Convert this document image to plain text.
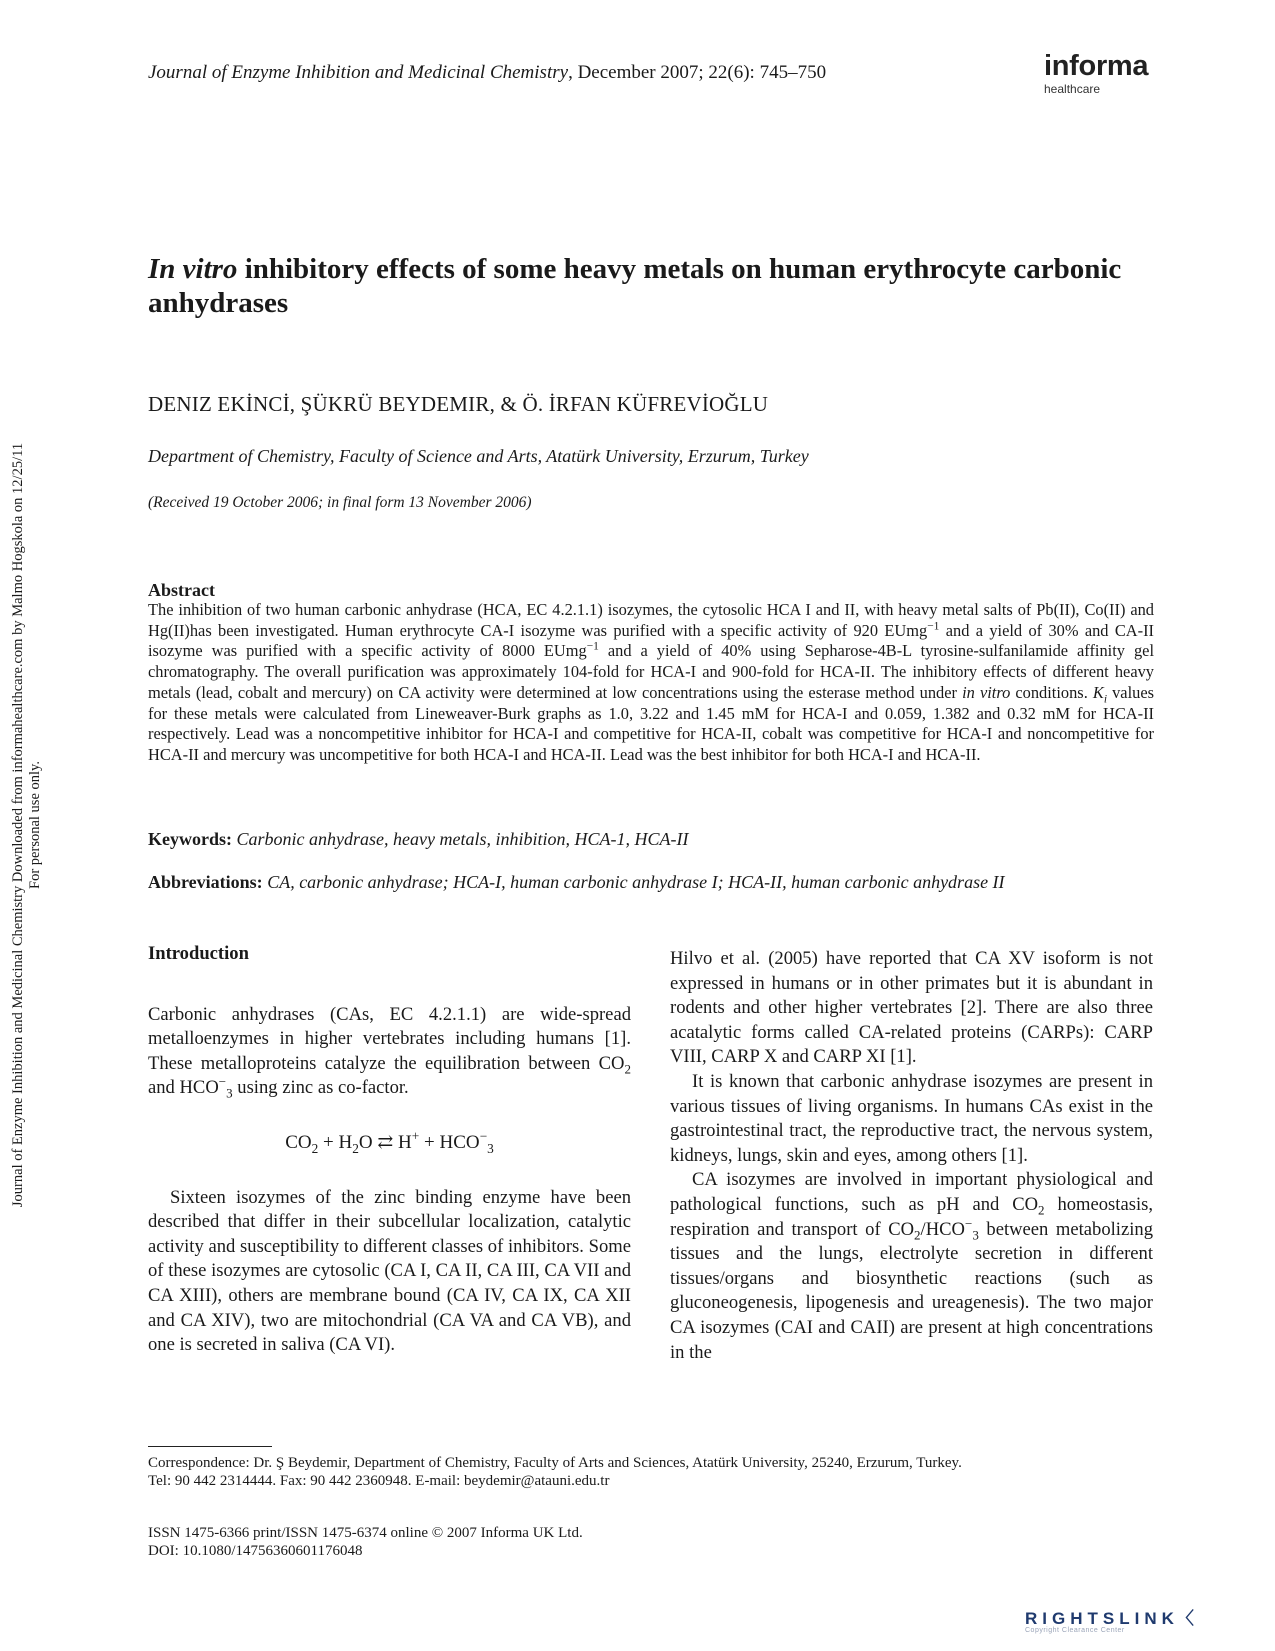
Journal of Enzyme Inhibition and Medicinal Chemistry, December 2007; 22(6): 745–750	informa
healthcare
Journal of Enzyme Inhibition and Medicinal Chemistry Downloaded from informahealthcare.com by Malmo Hogskola on 12/25/11 For personal use only.
In vitro inhibitory effects of some heavy metals on human erythrocyte carbonic anhydrases
DENIZ EKİNCİ, ŞÜKRÜ BEYDEMIR, & Ö. İRFAN KÜFREVİOĞLU
Department of Chemistry, Faculty of Science and Arts, Atatürk University, Erzurum, Turkey
(Received 19 October 2006; in final form 13 November 2006)
Abstract
The inhibition of two human carbonic anhydrase (HCA, EC 4.2.1.1) isozymes, the cytosolic HCA I and II, with heavy metal salts of Pb(II), Co(II) and Hg(II)has been investigated. Human erythrocyte CA-I isozyme was purified with a specific activity of 920 EUmg$^{-1}$ and a yield of 30% and CA-II isozyme was purified with a specific activity of 8000 EUmg$^{-1}$ and a yield of 40% using Sepharose-4B-L tyrosine-sulfanilamide affinity gel chromatography. The overall purification was approximately 104-fold for HCA-I and 900-fold for HCA-II. The inhibitory effects of different heavy metals (lead, cobalt and mercury) on CA activity were determined at low concentrations using the esterase method under in vitro conditions. $K_i$ values for these metals were calculated from Lineweaver-Burk graphs as 1.0, 3.22 and 1.45 mM for HCA-I and 0.059, 1.382 and 0.32 mM for HCA-II respectively. Lead was a noncompetitive inhibitor for HCA-I and competitive for HCA-II, cobalt was competitive for HCA-I and noncompetitive for HCA-II and mercury was uncompetitive for both HCA-I and HCA-II. Lead was the best inhibitor for both HCA-I and HCA-II.
Keywords: Carbonic anhydrase, heavy metals, inhibition, HCA-1, HCA-II
Abbreviations: CA, carbonic anhydrase; HCA-I, human carbonic anhydrase I; HCA-II, human carbonic anhydrase II

Introduction

Carbonic anhydrases (CAs, EC 4.2.1.1) are wide-spread metalloenzymes in higher vertebrates including humans [1]. These metalloproteins catalyze the equilibration between $CO_2$ and $HCO^-_3$ using zinc as co-factor.

$CO_2 + H_2O$ ⇄ $H^+ + HCO^-_3$

Sixteen isozymes of the zinc binding enzyme have been described that differ in their subcellular localization, catalytic activity and susceptibility to different classes of inhibitors. Some of these isozymes are cytosolic (CA I, CA II, CA III, CA VII and CA XIII), others are membrane bound (CA IV, CA IX, CA XII and CA XIV), two are mitochondrial (CA VA and CA VB), and one is secreted in saliva (CA VI).

Hilvo et al. (2005) have reported that CA XV isoform is not expressed in humans or in other primates but it is abundant in rodents and other higher vertebrates [2]. There are also three acatalytic forms called CA-related proteins (CARPs): CARP VIII, CARP X and CARP XI [1].

It is known that carbonic anhydrase isozymes are present in various tissues of living organisms. In humans CAs exist in the gastrointestinal tract, the reproductive tract, the nervous system, kidneys, lungs, skin and eyes, among others [1].

CA isozymes are involved in important physiological and pathological functions, such as pH and $CO_2$ homeostasis, respiration and transport of $CO_2/HCO^-_3$ between metabolizing tissues and the lungs, electrolyte secretion in different tissues/organs and biosynthetic reactions (such as gluconeogenesis, lipogenesis and ureagenesis). The two major CA isozymes (CAI and CAII) are present at high concentrations in the

Correspondence: Dr. Ş Beydemir, Department of Chemistry, Faculty of Arts and Sciences, Atatürk University, 25240, Erzurum, Turkey.
Tel: 90 442 2314444. Fax: 90 442 2360948. E-mail: beydemir@atauni.edu.tr
ISSN 1475-6366 print/ISSN 1475-6374 online © 2007 Informa UK Ltd.
DOI: 10.1080/14756360601176048
RIGHTSLINK〈
Copyright Clearance Center
